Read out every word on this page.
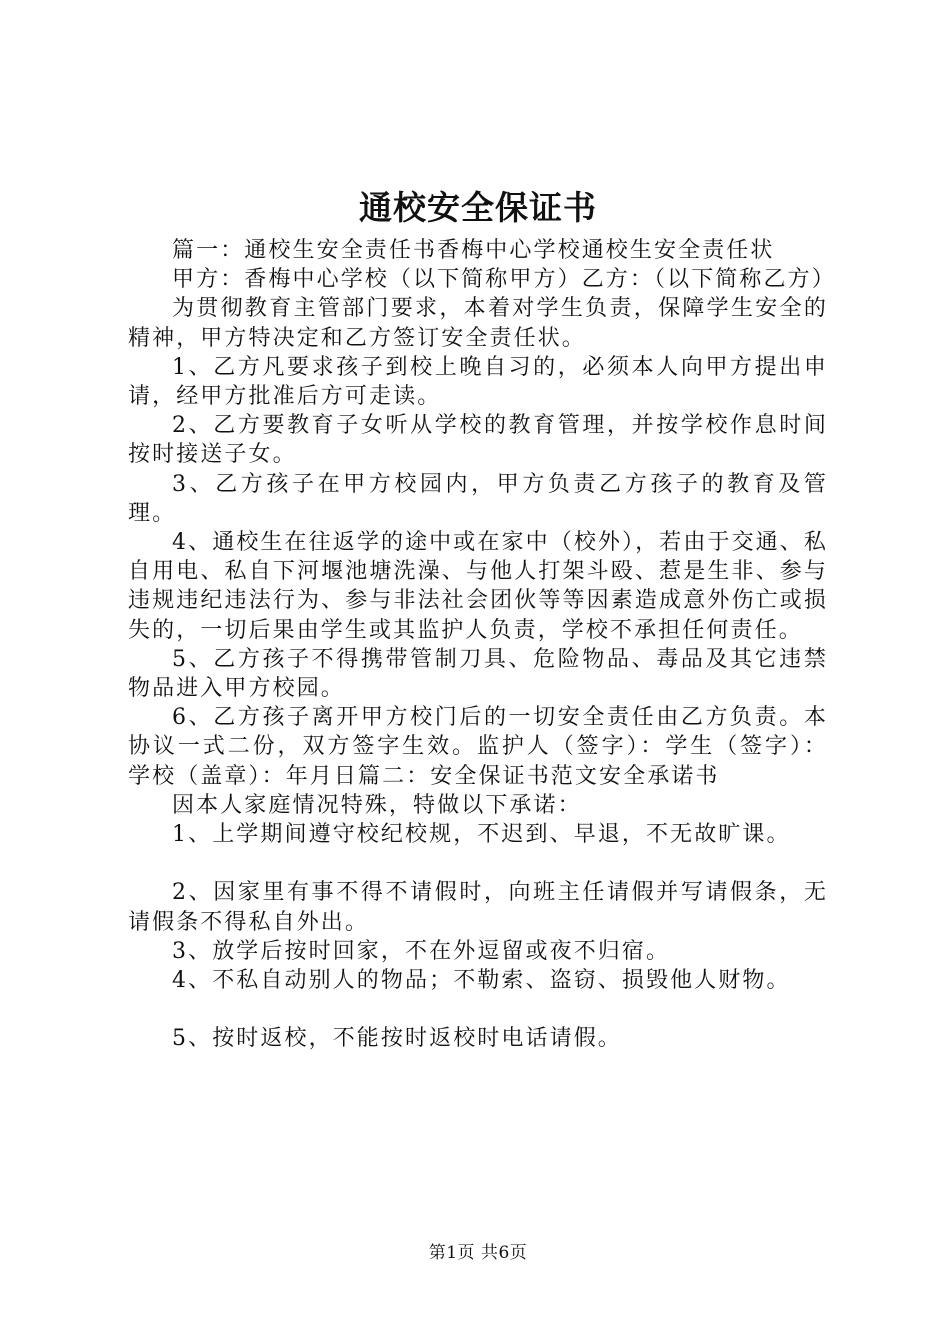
通校安全保证书

篇一：通校生安全责任书香梅中心学校通校生安全责任状

甲方：香梅中心学校（以下简称甲方）乙方：（以下简称乙方）

为贯彻教育主管部门要求，本着对学生负责，保障学生安全的精神，甲方特决定和乙方签订安全责任状。

1、乙方凡要求孩子到校上晚自习的，必须本人向甲方提出申请，经甲方批准后方可走读。

2、乙方要教育子女听从学校的教育管理，并按学校作息时间按时接送子女。

3、乙方孩子在甲方校园内，甲方负责乙方孩子的教育及管理。

4、通校生在往返学的途中或在家中（校外），若由于交通、私自用电、私自下河堰池塘洗澡、与他人打架斗殴、惹是生非、参与违规违纪违法行为、参与非法社会团伙等等因素造成意外伤亡或损失的，一切后果由学生或其监护人负责，学校不承担任何责任。

5、乙方孩子不得携带管制刀具、危险物品、毒品及其它违禁物品进入甲方校园。

6、乙方孩子离开甲方校门后的一切安全责任由乙方负责。本协议一式二份，双方签字生效。监护人（签字）：学生（签字）：学校（盖章）：年月日篇二：安全保证书范文安全承诺书

因本人家庭情况特殊，特做以下承诺：

1、上学期间遵守校纪校规，不迟到、早退，不无故旷课。

2、因家里有事不得不请假时，向班主任请假并写请假条，无请假条不得私自外出。

3、放学后按时回家，不在外逗留或夜不归宿。

4、不私自动别人的物品；不勒索、盗窃、损毁他人财物。

5、按时返校，不能按时返校时电话请假。

第1页 共6页
